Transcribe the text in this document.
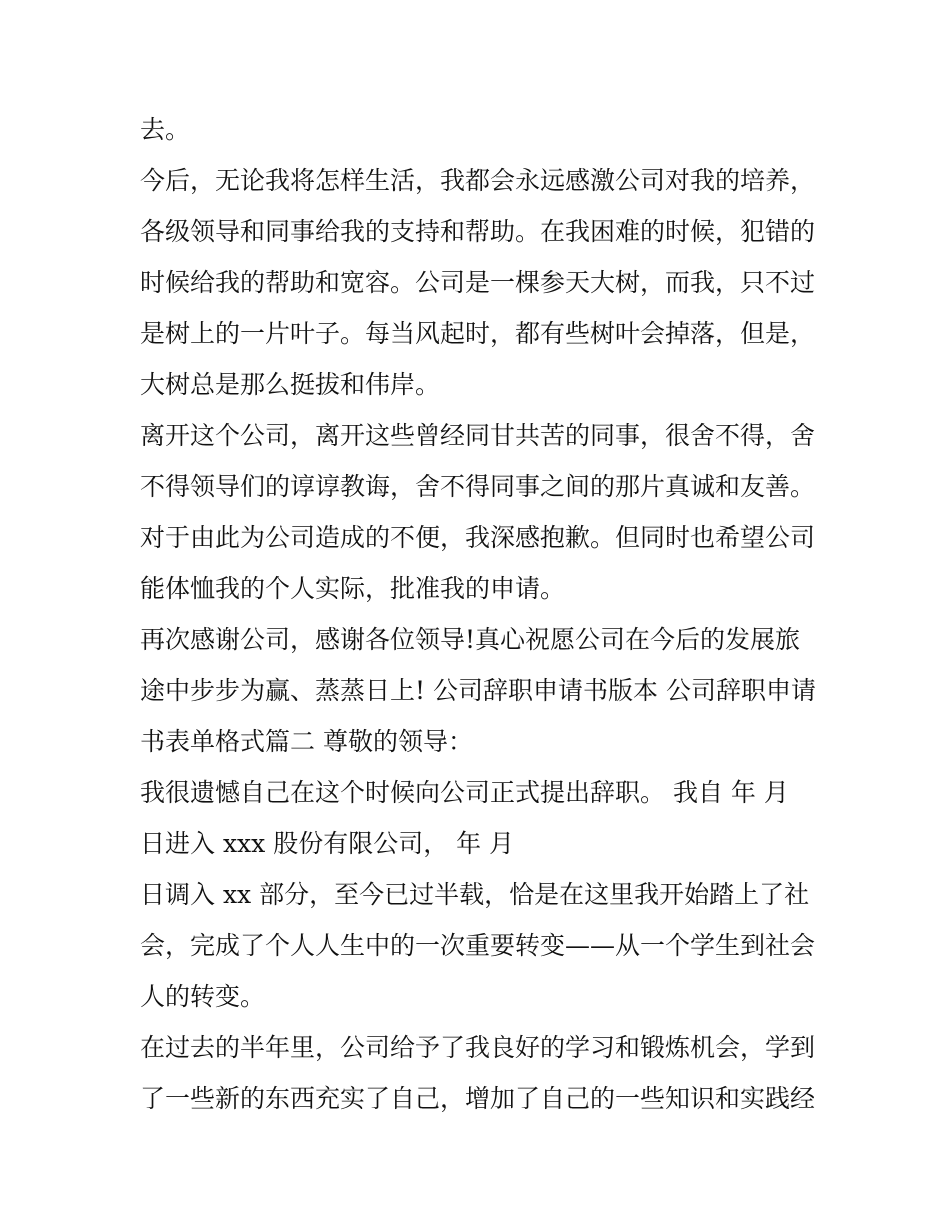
去。
今后，无论我将怎样生活，我都会永远感激公司对我的培养，
各级领导和同事给我的支持和帮助。在我困难的时候，犯错的
时候给我的帮助和宽容。公司是一棵参天大树，而我，只不过
是树上的一片叶子。每当风起时，都有些树叶会掉落，但是，
大树总是那么挺拔和伟岸。
离开这个公司，离开这些曾经同甘共苦的同事，很舍不得，舍
不得领导们的谆谆教诲，舍不得同事之间的那片真诚和友善。
对于由此为公司造成的不便，我深感抱歉。但同时也希望公司
能体恤我的个人实际，批准我的申请。
再次感谢公司，感谢各位领导!真心祝愿公司在今后的发展旅
途中步步为赢、蒸蒸日上! 公司辞职申请书版本 公司辞职申请
书表单格式篇二 尊敬的领导：
我很遗憾自己在这个时候向公司正式提出辞职。 我自 年 月
日进入 xxx 股份有限公司， 年 月
日调入 xx 部分，至今已过半载，恰是在这里我开始踏上了社
会，完成了个人人生中的一次重要转变——从一个学生到社会
人的转变。
在过去的半年里，公司给予了我良好的学习和锻炼机会，学到
了一些新的东西充实了自己，增加了自己的一些知识和实践经
